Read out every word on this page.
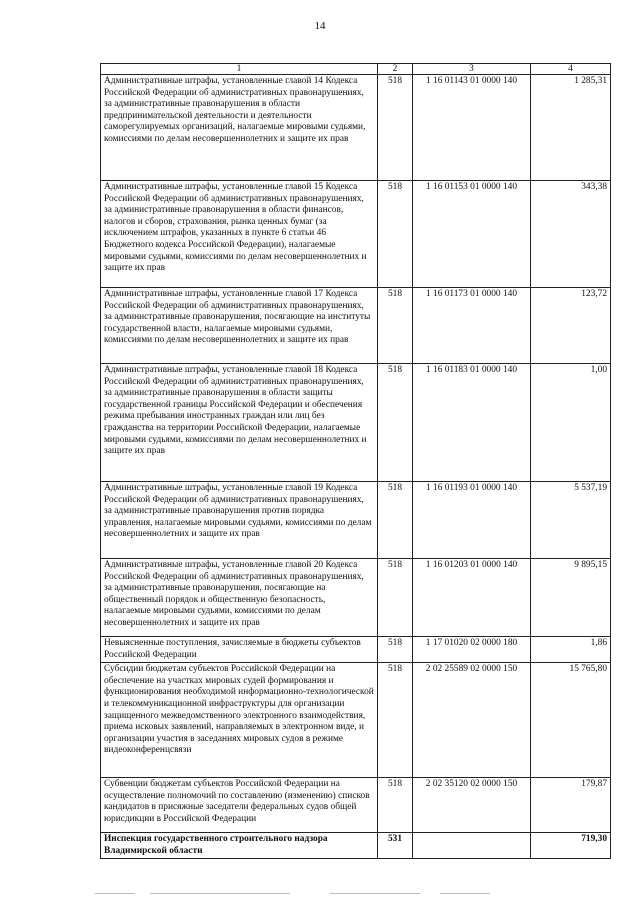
14
1	2	3	4
Административные штрафы, установленные главой 14 Кодекса Российской Федерации об административных правонарушениях, за административные правонарушения в области предпринимательской деятельности и деятельности саморегулируемых организаций, налагаемые мировыми судьями, комиссиями по делам несовершеннолетних и защите их прав	518	1 16 01143 01 0000 140	1 285,31
Административные штрафы, установленные главой 15 Кодекса Российской Федерации об административных правонарушениях, за административные правонарушения в области финансов, налогов и сборов, страхования, рынка ценных бумаг (за исключением штрафов, указанных в пункте 6 статьи 46 Бюджетного кодекса Российской Федерации), налагаемые мировыми судьями, комиссиями по делам несовершеннолетних и защите их прав	518	1 16 01153 01 0000 140	343,38
Административные штрафы, установленные главой 17 Кодекса Российской Федерации об административных правонарушениях, за административные правонарушения, посягающие на институты государственной власти, налагаемые мировыми судьями, комиссиями по делам несовершеннолетних и защите их прав	518	1 16 01173 01 0000 140	123,72
Административные штрафы, установленные главой 18 Кодекса Российской Федерации об административных правонарушениях, за административные правонарушения в области защиты государственной границы Российской Федерации и обеспечения режима пребывания иностранных граждан или лиц без гражданства на территории Российской Федерации, налагаемые мировыми судьями, комиссиями по делам несовершеннолетних и защите их прав	518	1 16 01183 01 0000 140	1,00
Административные штрафы, установленные главой 19 Кодекса Российской Федерации об административных правонарушениях, за административные правонарушения против порядка управления, налагаемые мировыми судьями, комиссиями по делам несовершеннолетних и защите их прав	518	1 16 01193 01 0000 140	5 537,19
Административные штрафы, установленные главой 20 Кодекса Российской Федерации об административных правонарушениях, за административные правонарушения, посягающие на общественный порядок и общественную безопасность, налагаемые мировыми судьями, комиссиями по делам несовершеннолетних и защите их прав	518	1 16 01203 01 0000 140	9 895,15
Невыясненные поступления, зачисляемые в бюджеты субъектов Российской Федерации	518	1 17 01020 02 0000 180	1,86
Субсидии бюджетам субъектов Российской Федерации на обеспечение на участках мировых судей формирования и функционирования необходимой информационно-технологической и телекоммуникационной инфраструктуры для организации защищенного межведомственного электронного взаимодействия, приема исковых заявлений, направляемых в электронном виде, и организации участия в заседаниях мировых судов в режиме видеоконференцсвязи	518	2 02 25589 02 0000 150	15 765,80
Субвенции бюджетам субъектов Российской Федерации на осуществление полномочий по составлению (изменению) списков кандидатов в присяжные заседатели федеральных судов общей юрисдикции в Российской Федерации	518	2 02 35120 02 0000 150	179,87
Инспекция государственного строительного надзора Владимирской области	531		719,30
